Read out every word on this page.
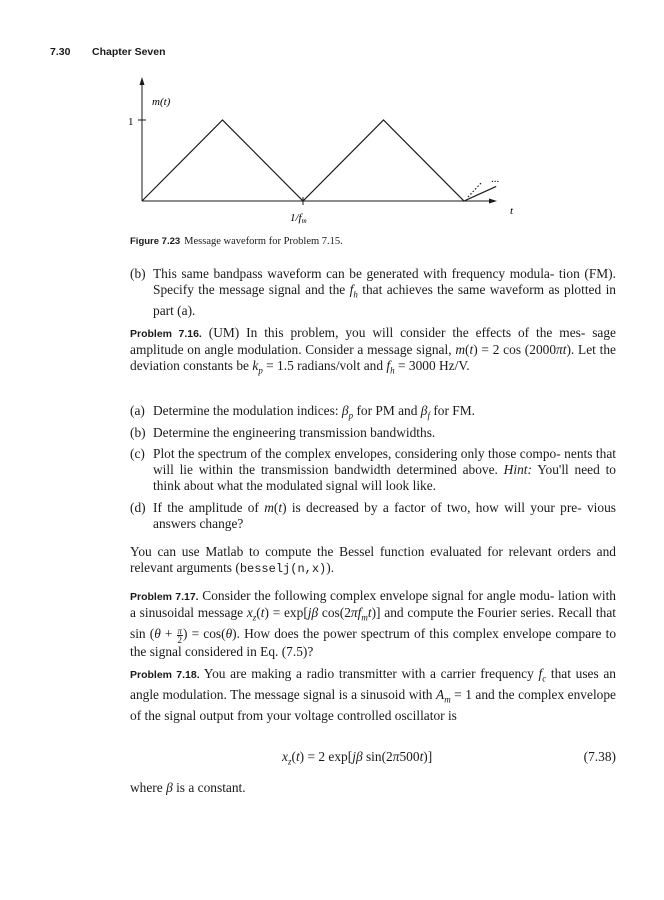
7.30 Chapter Seven
m(t)
1
1/fm
t
...
Figure 7.23 Message waveform for Problem 7.15.
(b) This same bandpass waveform can be generated with frequency modula- tion (FM). Specify the message signal and the $f_h$ that achieves the same waveform as plotted in part (a).
Problem 7.16. (UM) In this problem, you will consider the effects of the mes- sage amplitude on angle modulation. Consider a message signal, m(t) = 2 cos (2000πt). Let the deviation constants be $k_p = 1.5$ radians/volt and $f_h = 3000$ Hz/V.
(a) Determine the modulation indices: $\beta_p$ for PM and $\beta_f$ for FM.
(b) Determine the engineering transmission bandwidths.
(c) Plot the spectrum of the complex envelopes, considering only those compo- nents that will lie within the transmission bandwidth determined above. Hint: You'll need to think about what the modulated signal will look like.
(d) If the amplitude of m(t) is decreased by a factor of two, how will your pre- vious answers change?
You can use Matlab to compute the Bessel function evaluated for relevant orders and relevant arguments (besselj(n,x)).
Problem 7.17. Consider the following complex envelope signal for angle modu- lation with a sinusoidal message $x_z(t) = \exp[j\beta$ $\cos(2\pi f_mt)$] and compute the Fourier series. Recall that $\sin (\theta + \frac{\pi}{2}$ ) = cos(θ). How does the power spectrum of this complex envelope compare to the signal considered in Eq. (7.5)?
Problem 7.18. You are making a radio transmitter with a carrier frequency $f_c$ that uses an angle modulation. The message signal is a sinusoid with $A_m = 1$ and the complex envelope of the signal output from your voltage controlled oscillator is
$x_z(t) = 2$ exp[jβ sin(2π500t)]	(7.38)
where β is a constant.
